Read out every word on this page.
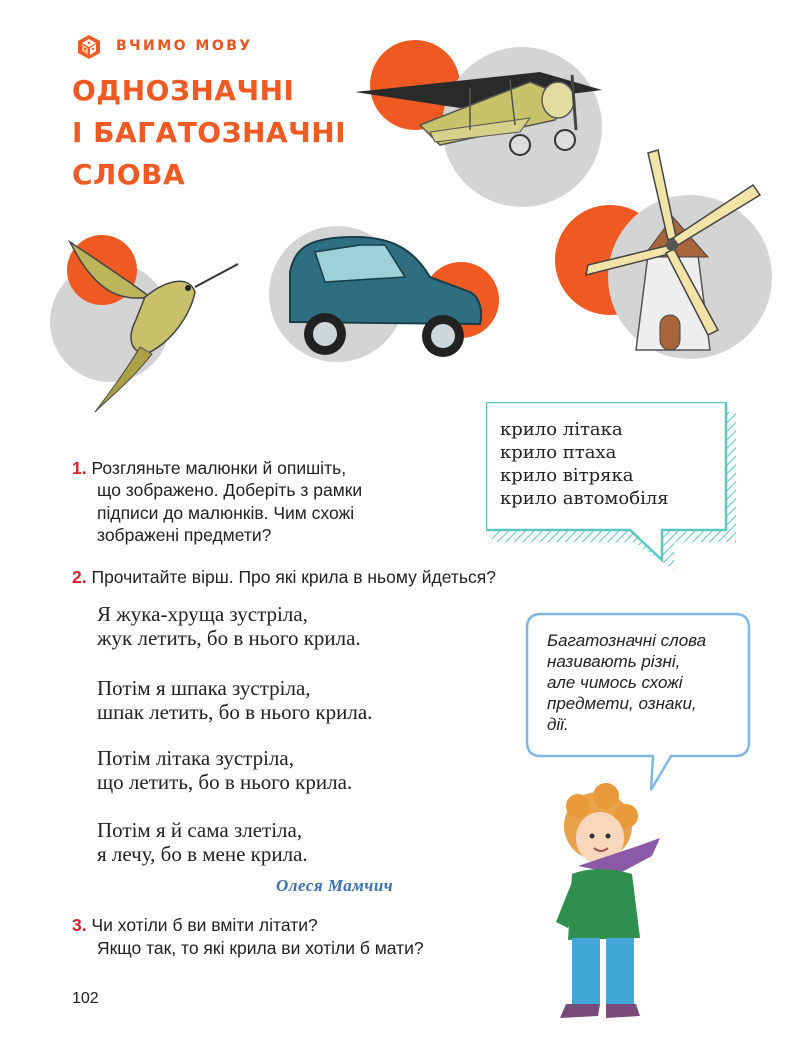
ВЧИМО МОВУ
ОДНОЗНАЧНІ
І БАГАТОЗНАЧНІ
СЛОВА
крило літака
крило птаха
крило вітряка
крило автомобіля
1. Розгляньте малюнки й опишіть,
що зображено. Доберіть з рамки
підписи до малюнків. Чим схожі
зображені предмети?
2. Прочитайте вірш. Про які крила в ньому йдеться?
Я жука-хруща зустріла,
жук летить, бо в нього крила.
Потім я шпака зустріла,
шпак летить, бо в нього крила.
Потім літака зустріла,
що летить, бо в нього крила.
Потім я й сама злетіла,
я лечу, бо в мене крила.
Олеся Мамчич
3. Чи хотіли б ви вміти літати?
Якщо так, то які крила ви хотіли б мати?
Багатозначні слова
називають різні,
але чимось схожі
предмети, ознаки,
дії.
102
